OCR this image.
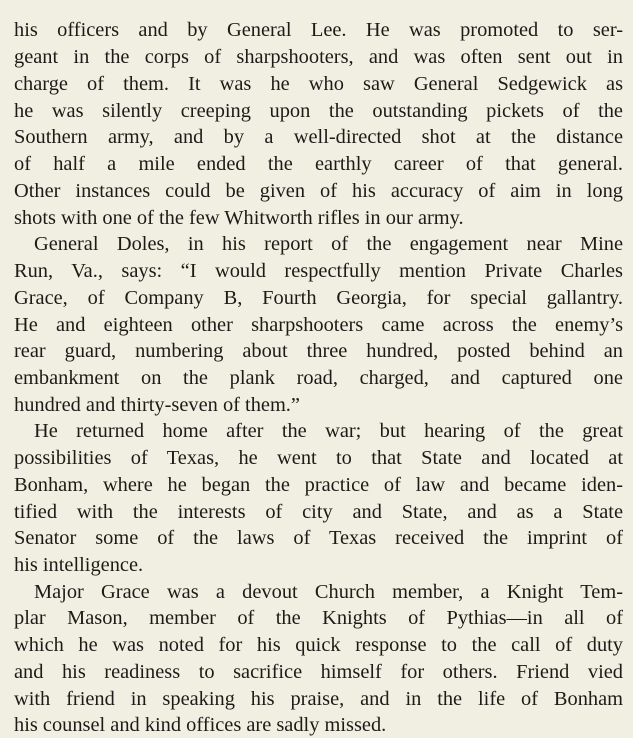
his officers and by General Lee. He was promoted to ser-
geant in the corps of sharpshooters, and was often sent out in
charge of them. It was he who saw General Sedgewick as
he was silently creeping upon the outstanding pickets of the
Southern army, and by a well-directed shot at the distance
of half a mile ended the earthly career of that general.
Other instances could be given of his accuracy of aim in long
shots with one of the few Whitworth rifles in our army.
General Doles, in his report of the engagement near Mine
Run, Va., says: “I would respectfully mention Private Charles
Grace, of Company B, Fourth Georgia, for special gallantry.
He and eighteen other sharpshooters came across the enemy’s
rear guard, numbering about three hundred, posted behind an
embankment on the plank road, charged, and captured one
hundred and thirty-seven of them.”
He returned home after the war; but hearing of the great
possibilities of Texas, he went to that State and located at
Bonham, where he began the practice of law and became iden-
tified with the interests of city and State, and as a State
Senator some of the laws of Texas received the imprint of
his intelligence.
Major Grace was a devout Church member, a Knight Tem-
plar Mason, member of the Knights of Pythias—in all of
which he was noted for his quick response to the call of duty
and his readiness to sacrifice himself for others. Friend vied
with friend in speaking his praise, and in the life of Bonham
his counsel and kind offices are sadly missed.
